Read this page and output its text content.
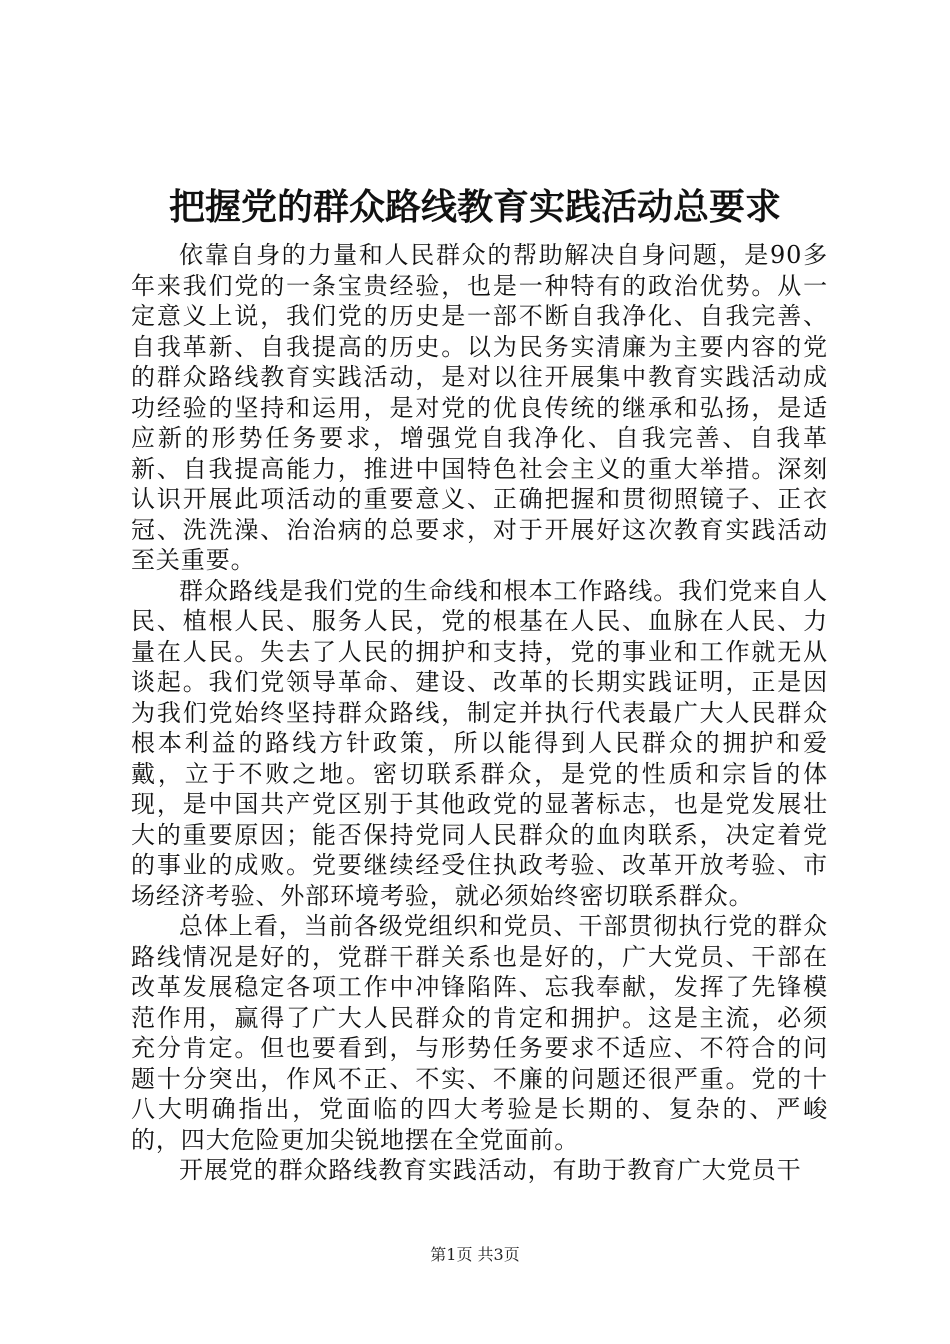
把握党的群众路线教育实践活动总要求

依靠自身的力量和人民群众的帮助解决自身问题，是90多年来我们党的一条宝贵经验，也是一种特有的政治优势。从一定意义上说，我们党的历史是一部不断自我净化、自我完善、自我革新、自我提高的历史。以为民务实清廉为主要内容的党的群众路线教育实践活动，是对以往开展集中教育实践活动成功经验的坚持和运用，是对党的优良传统的继承和弘扬，是适应新的形势任务要求，增强党自我净化、自我完善、自我革新、自我提高能力，推进中国特色社会主义的重大举措。深刻认识开展此项活动的重要意义、正确把握和贯彻照镜子、正衣冠、洗洗澡、治治病的总要求，对于开展好这次教育实践活动至关重要。

群众路线是我们党的生命线和根本工作路线。我们党来自人民、植根人民、服务人民，党的根基在人民、血脉在人民、力量在人民。失去了人民的拥护和支持，党的事业和工作就无从谈起。我们党领导革命、建设、改革的长期实践证明，正是因为我们党始终坚持群众路线，制定并执行代表最广大人民群众根本利益的路线方针政策，所以能得到人民群众的拥护和爱戴，立于不败之地。密切联系群众，是党的性质和宗旨的体现，是中国共产党区别于其他政党的显著标志，也是党发展壮大的重要原因；能否保持党同人民群众的血肉联系，决定着党的事业的成败。党要继续经受住执政考验、改革开放考验、市场经济考验、外部环境考验，就必须始终密切联系群众。

总体上看，当前各级党组织和党员、干部贯彻执行党的群众路线情况是好的，党群干群关系也是好的，广大党员、干部在改革发展稳定各项工作中冲锋陷阵、忘我奉献，发挥了先锋模范作用，赢得了广大人民群众的肯定和拥护。这是主流，必须充分肯定。但也要看到，与形势任务要求不适应、不符合的问题十分突出，作风不正、不实、不廉的问题还很严重。党的十八大明确指出，党面临的四大考验是长期的、复杂的、严峻的，四大危险更加尖锐地摆在全党面前。

开展党的群众路线教育实践活动，有助于教育广大党员干

第1页 共3页
